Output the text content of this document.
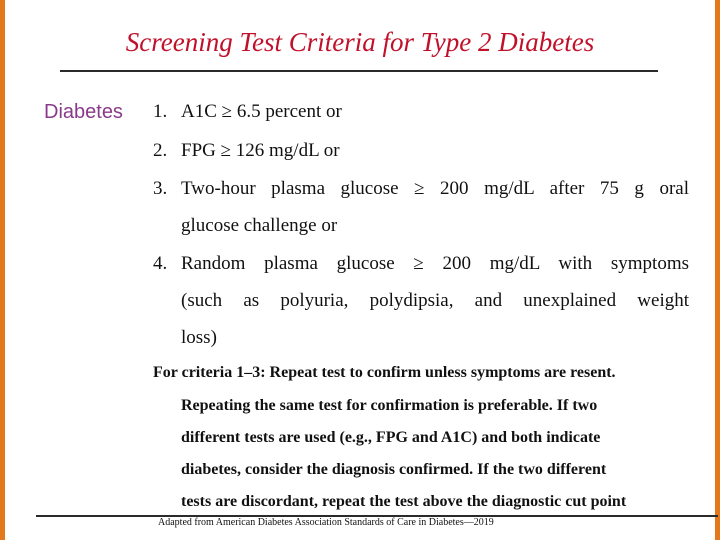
Screening Test Criteria for Type 2 Diabetes
Diabetes 1. A1C ≥ 6.5 percent or
2. FPG ≥ 126 mg/dL or
3. Two-hour plasma glucose ≥ 200 mg/dL after 75 g oral
glucose challenge or
4. Random plasma glucose ≥ 200 mg/dL with symptoms
(such as polyuria, polydipsia, and unexplained weight
loss)
For criteria 1–3: Repeat test to confirm unless symptoms are resent.
Repeating the same test for confirmation is preferable. If two
different tests are used (e.g., FPG and A1C) and both indicate
diabetes, consider the diagnosis confirmed. If the two different
tests are discordant, repeat the test above the diagnostic cut point
Adapted from American Diabetes Association Standards of Care in Diabetes—2019
